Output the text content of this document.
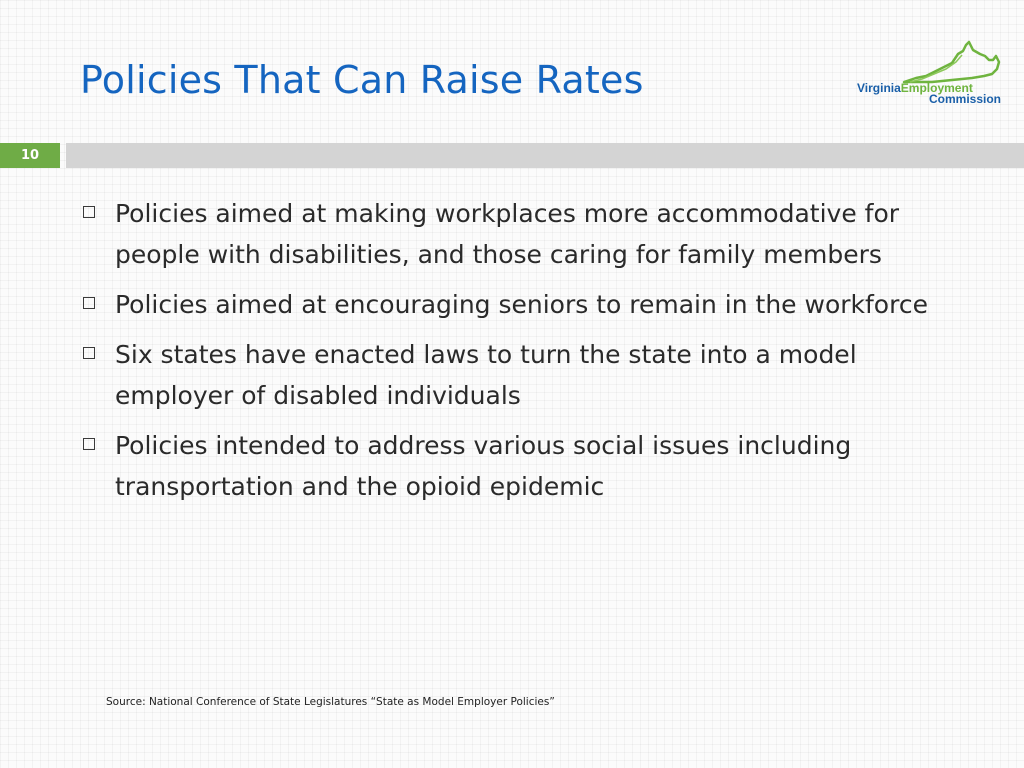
Policies That Can Raise Rates	VirginiaEmployment
Commission
10
Policies aimed at making workplaces more accommodative for people with disabilities, and those caring for family members
Policies aimed at encouraging seniors to remain in the workforce
Six states have enacted laws to turn the state into a model employer of disabled individuals
Policies intended to address various social issues including transportation and the opioid epidemic
Source: National Conference of State Legislatures “State as Model Employer Policies”
